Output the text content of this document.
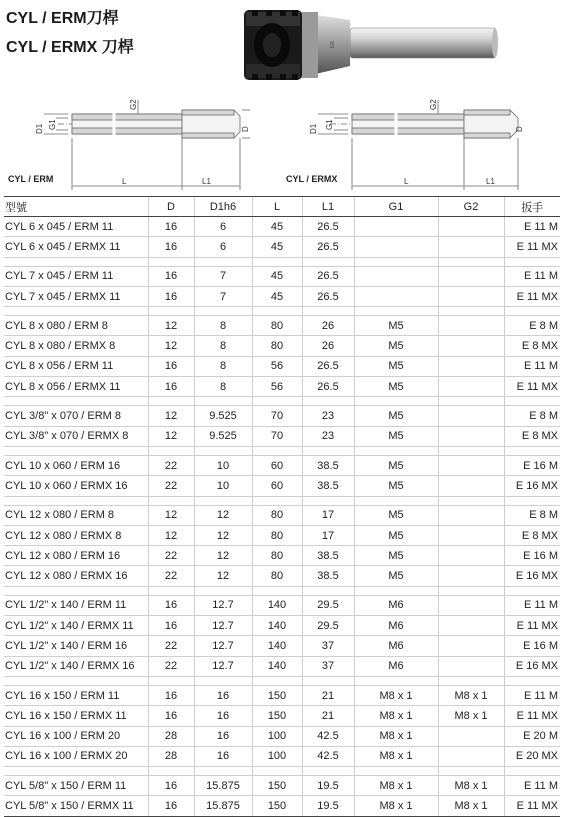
CYL / ERM刀桿
CYL / ERMX 刀桿	ER
D1 G1
G2
D
L	L1
CYL / ERM
D1 G1
G2
D
L	L1
CYL / ERMX
型號	D	D1h6	L	L1	G1	G2	扳手
CYL 6 x 045 / ERM 11	16	6	45	26.5			E 11 M
CYL 6 x 045 / ERMX 11	16	6	45	26.5			E 11 MX

CYL 7 x 045 / ERM 11	16	7	45	26.5			E 11 M
CYL 7 x 045 / ERMX 11	16	7	45	26.5			E 11 MX

CYL 8 x 080 / ERM 8	12	8	80	26	M5		E 8 M
CYL 8 x 080 / ERMX 8	12	8	80	26	M5		E 8 MX
CYL 8 x 056 / ERM 11	16	8	56	26.5	M5		E 11 M
CYL 8 x 056 / ERMX 11	16	8	56	26.5	M5		E 11 MX

CYL 3/8" x 070 / ERM 8	12	9.525	70	23	M5		E 8 M
CYL 3/8" x 070 / ERMX 8	12	9.525	70	23	M5		E 8 MX

CYL 10 x 060 / ERM 16	22	10	60	38.5	M5		E 16 M
CYL 10 x 060 / ERMX 16	22	10	60	38.5	M5		E 16 MX

CYL 12 x 080 / ERM 8	12	12	80	17	M5		E 8 M
CYL 12 x 080 / ERMX 8	12	12	80	17	M5		E 8 MX
CYL 12 x 080 / ERM 16	22	12	80	38.5	M5		E 16 M
CYL 12 x 080 / ERMX 16	22	12	80	38.5	M5		E 16 MX

CYL 1/2" x 140 / ERM 11	16	12.7	140	29.5	M6		E 11 M
CYL 1/2" x 140 / ERMX 11	16	12.7	140	29.5	M6		E 11 MX
CYL 1/2" x 140 / ERM 16	22	12.7	140	37	M6		E 16 M
CYL 1/2" x 140 / ERMX 16	22	12.7	140	37	M6		E 16 MX

CYL 16 x 150 / ERM 11	16	16	150	21	M8 x 1	M8 x 1	E 11 M
CYL 16 x 150 / ERMX 11	16	16	150	21	M8 x 1	M8 x 1	E 11 MX
CYL 16 x 100 / ERM 20	28	16	100	42.5	M8 x 1		E 20 M
CYL 16 x 100 / ERMX 20	28	16	100	42.5	M8 x 1		E 20 MX

CYL 5/8" x 150 / ERM 11	16	15.875	150	19.5	M8 x 1	M8 x 1	E 11 M
CYL 5/8" x 150 / ERMX 11	16	15.875	150	19.5	M8 x 1	M8 x 1	E 11 MX
